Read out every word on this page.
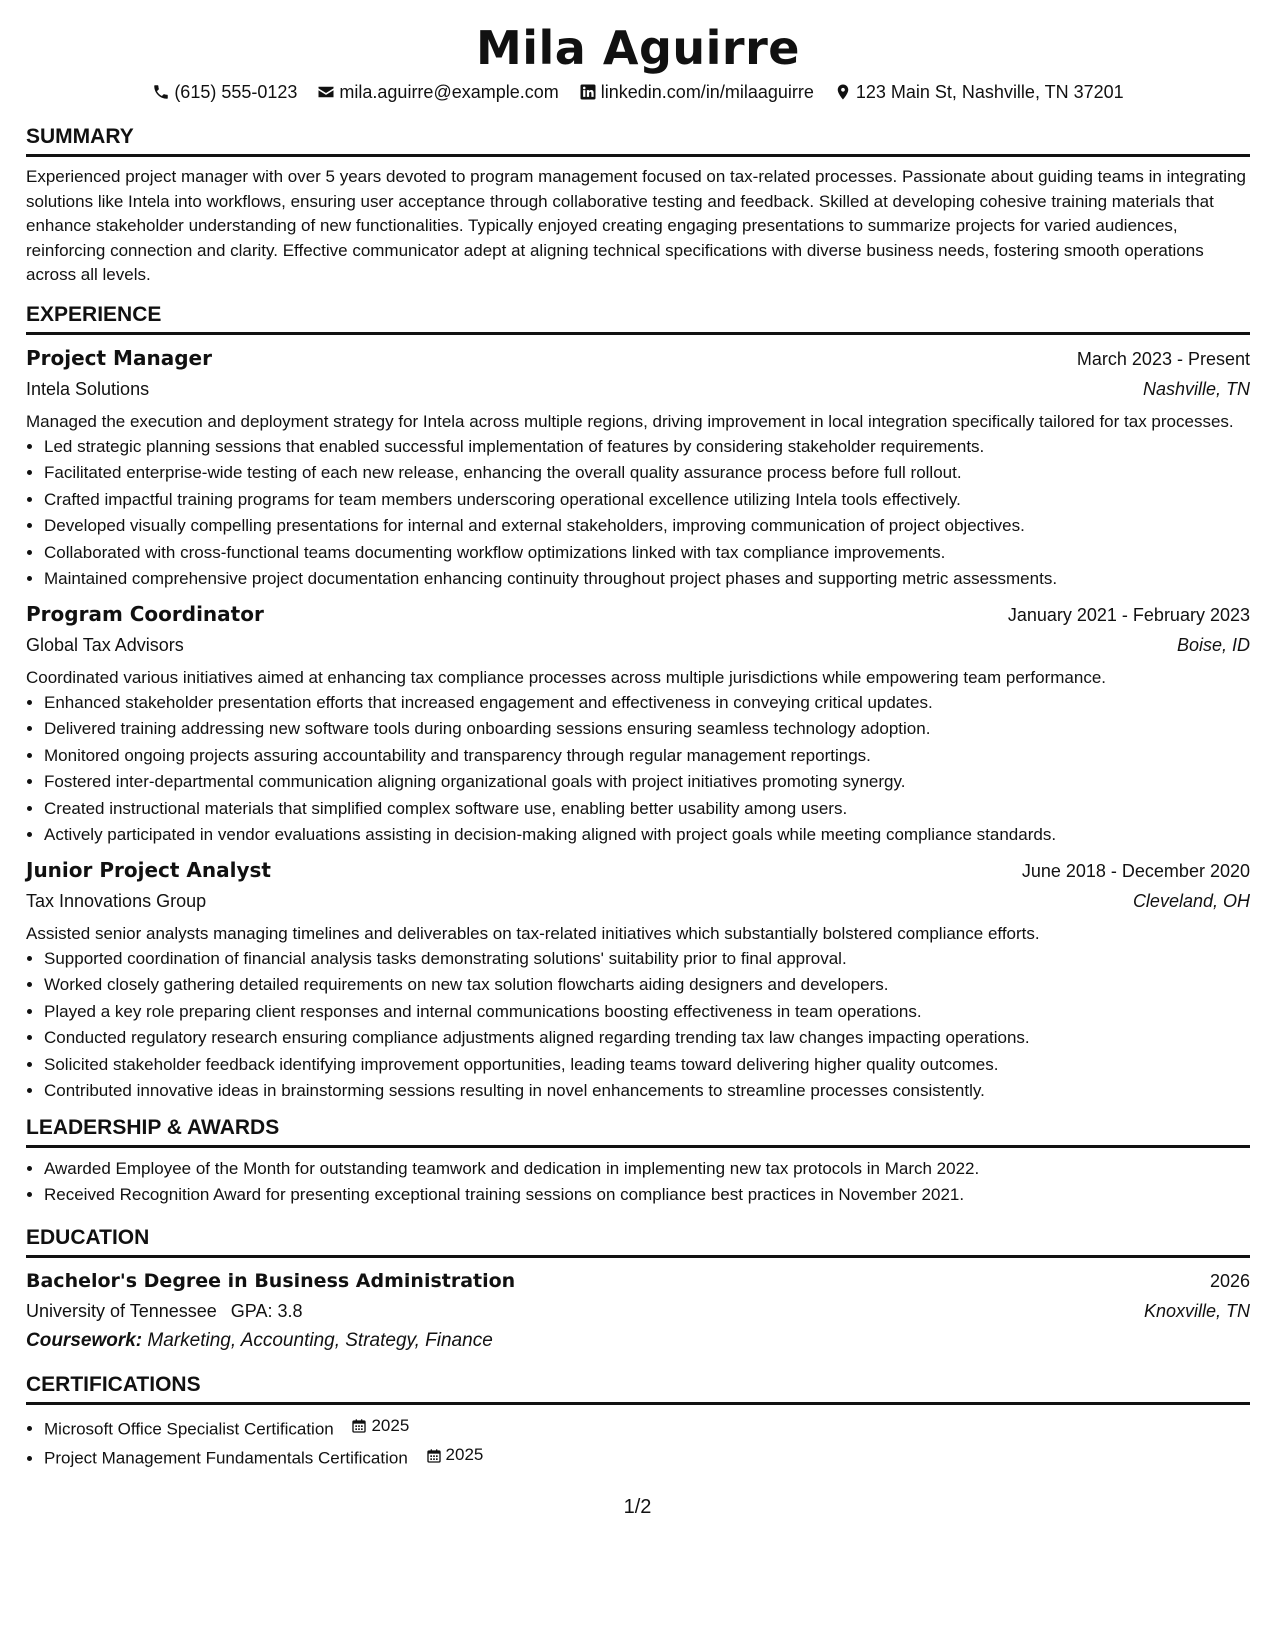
Mila Aguirre
(615) 555-0123 mila.aguirre@example.com linkedin.com/in/milaaguirre 123 Main St, Nashville, TN 37201
SUMMARY

Experienced project manager with over 5 years devoted to program management focused on tax-related processes. Passionate about guiding teams in integrating solutions like Intela into workflows, ensuring user acceptance through collaborative testing and feedback. Skilled at developing cohesive training materials that enhance stakeholder understanding of new functionalities. Typically enjoyed creating engaging presentations to summarize projects for varied audiences, reinforcing connection and clarity. Effective communicator adept at aligning technical specifications with diverse business needs, fostering smooth operations across all levels.

EXPERIENCE
Project Manager	March 2023 - Present
Intela Solutions	Nashville, TN
Managed the execution and deployment strategy for Intela across multiple regions, driving improvement in local integration specifically tailored for tax processes.
• Led strategic planning sessions that enabled successful implementation of features by considering stakeholder requirements.
• Facilitated enterprise-wide testing of each new release, enhancing the overall quality assurance process before full rollout.
• Crafted impactful training programs for team members underscoring operational excellence utilizing Intela tools effectively.
• Developed visually compelling presentations for internal and external stakeholders, improving communication of project objectives.
• Collaborated with cross-functional teams documenting workflow optimizations linked with tax compliance improvements.
• Maintained comprehensive project documentation enhancing continuity throughout project phases and supporting metric assessments.
Program Coordinator	January 2021 - February 2023
Global Tax Advisors	Boise, ID
Coordinated various initiatives aimed at enhancing tax compliance processes across multiple jurisdictions while empowering team performance.
• Enhanced stakeholder presentation efforts that increased engagement and effectiveness in conveying critical updates.
• Delivered training addressing new software tools during onboarding sessions ensuring seamless technology adoption.
• Monitored ongoing projects assuring accountability and transparency through regular management reportings.
• Fostered inter-departmental communication aligning organizational goals with project initiatives promoting synergy.
• Created instructional materials that simplified complex software use, enabling better usability among users.
• Actively participated in vendor evaluations assisting in decision-making aligned with project goals while meeting compliance standards.
Junior Project Analyst	June 2018 - December 2020
Tax Innovations Group	Cleveland, OH
Assisted senior analysts managing timelines and deliverables on tax-related initiatives which substantially bolstered compliance efforts.
• Supported coordination of financial analysis tasks demonstrating solutions' suitability prior to final approval.
• Worked closely gathering detailed requirements on new tax solution flowcharts aiding designers and developers.
• Played a key role preparing client responses and internal communications boosting effectiveness in team operations.
• Conducted regulatory research ensuring compliance adjustments aligned regarding trending tax law changes impacting operations.
• Solicited stakeholder feedback identifying improvement opportunities, leading teams toward delivering higher quality outcomes.
• Contributed innovative ideas in brainstorming sessions resulting in novel enhancements to streamline processes consistently.
LEADERSHIP & AWARDS
• Awarded Employee of the Month for outstanding teamwork and dedication in implementing new tax protocols in March 2022.
• Received Recognition Award for presenting exceptional training sessions on compliance best practices in November 2021.
EDUCATION
Bachelor's Degree in Business Administration	2026
University of Tennessee GPA: 3.8	Knoxville, TN
Coursework: Marketing, Accounting, Strategy, Finance
CERTIFICATIONS
• Microsoft Office Specialist Certification 2025
• Project Management Fundamentals Certification 2025
1/2
